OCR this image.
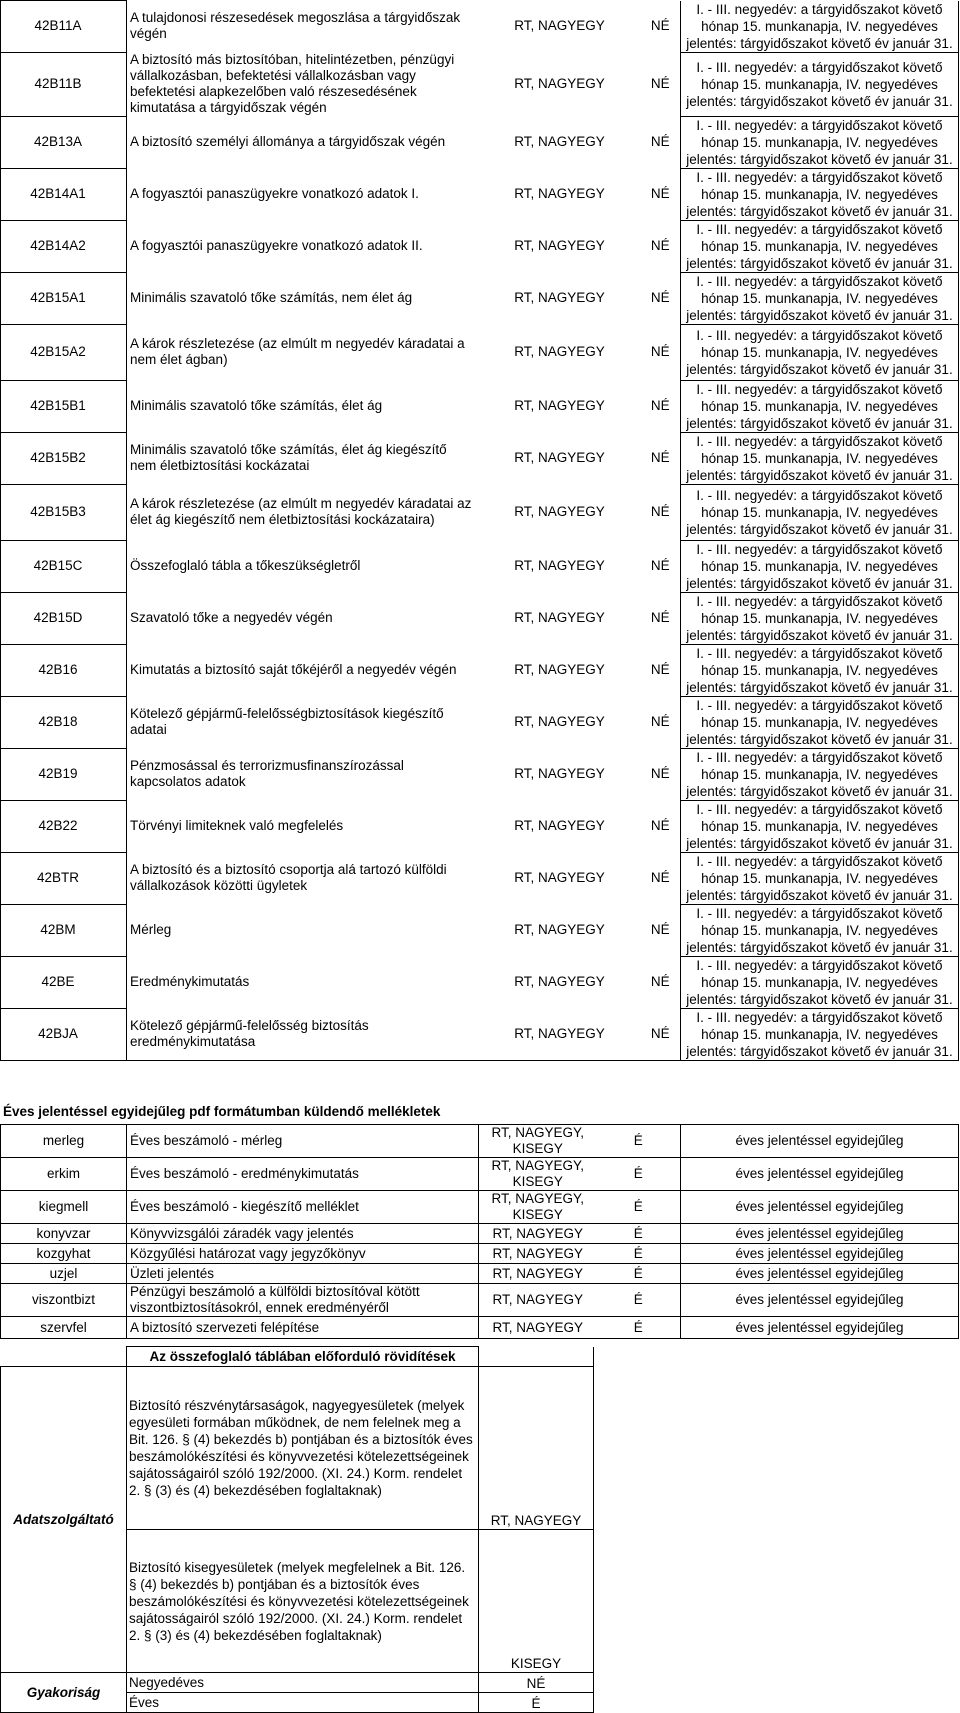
42B11A	A tulajdonosi részesedések megoszlása a tárgyidőszak végén	RT, NAGYEGY	NÉ	I. - III. negyedév: a tárgyidőszakot követő
hónap 15. munkanapja, IV. negyedéves
jelentés: tárgyidőszakot követő év január 31.

42B11B	A biztosító más biztosítóban, hitelintézetben, pénzügyi vállalkozásban, befektetési vállalkozásban vagy befektetési alapkezelőben való részesedésének kimutatása a tárgyidőszak végén	RT, NAGYEGY	NÉ	I. - III. negyedév: a tárgyidőszakot követő
hónap 15. munkanapja, IV. negyedéves
jelentés: tárgyidőszakot követő év január 31.

42B13A	A biztosító személyi állománya a tárgyidőszak végén	RT, NAGYEGY	NÉ	I. - III. negyedév: a tárgyidőszakot követő
hónap 15. munkanapja, IV. negyedéves
jelentés: tárgyidőszakot követő év január 31.

42B14A1	A fogyasztói panaszügyekre vonatkozó adatok I.	RT, NAGYEGY	NÉ	I. - III. negyedév: a tárgyidőszakot követő
hónap 15. munkanapja, IV. negyedéves
jelentés: tárgyidőszakot követő év január 31.

42B14A2	A fogyasztói panaszügyekre vonatkozó adatok II.	RT, NAGYEGY	NÉ	I. - III. negyedév: a tárgyidőszakot követő
hónap 15. munkanapja, IV. negyedéves
jelentés: tárgyidőszakot követő év január 31.

42B15A1	Minimális szavatoló tőke számítás, nem élet ág	RT, NAGYEGY	NÉ	I. - III. negyedév: a tárgyidőszakot követő
hónap 15. munkanapja, IV. negyedéves
jelentés: tárgyidőszakot követő év január 31.

42B15A2	A károk részletezése (az elmúlt m negyedév káradatai a nem élet ágban)	RT, NAGYEGY	NÉ	I. - III. negyedév: a tárgyidőszakot követő
hónap 15. munkanapja, IV. negyedéves
jelentés: tárgyidőszakot követő év január 31.

42B15B1	Minimális szavatoló tőke számítás, élet ág	RT, NAGYEGY	NÉ	I. - III. negyedév: a tárgyidőszakot követő
hónap 15. munkanapja, IV. negyedéves
jelentés: tárgyidőszakot követő év január 31.

42B15B2	Minimális szavatoló tőke számítás, élet ág kiegészítő nem életbiztosítási kockázatai	RT, NAGYEGY	NÉ	I. - III. negyedév: a tárgyidőszakot követő
hónap 15. munkanapja, IV. negyedéves
jelentés: tárgyidőszakot követő év január 31.

42B15B3	A károk részletezése (az elmúlt m negyedév káradatai az élet ág kiegészítő nem életbiztosítási kockázataira)	RT, NAGYEGY	NÉ	I. - III. negyedév: a tárgyidőszakot követő
hónap 15. munkanapja, IV. negyedéves
jelentés: tárgyidőszakot követő év január 31.

42B15C	Összefoglaló tábla a tőkeszükségletről	RT, NAGYEGY	NÉ	I. - III. negyedév: a tárgyidőszakot követő
hónap 15. munkanapja, IV. negyedéves
jelentés: tárgyidőszakot követő év január 31.

42B15D	Szavatoló tőke a negyedév végén	RT, NAGYEGY	NÉ	I. - III. negyedév: a tárgyidőszakot követő
hónap 15. munkanapja, IV. negyedéves
jelentés: tárgyidőszakot követő év január 31.

42B16	Kimutatás a biztosító saját tőkéjéről a negyedév végén	RT, NAGYEGY	NÉ	I. - III. negyedév: a tárgyidőszakot követő
hónap 15. munkanapja, IV. negyedéves
jelentés: tárgyidőszakot követő év január 31.

42B18	Kötelező gépjármű-felelősségbiztosítások kiegészítő adatai	RT, NAGYEGY	NÉ	I. - III. negyedév: a tárgyidőszakot követő
hónap 15. munkanapja, IV. negyedéves
jelentés: tárgyidőszakot követő év január 31.

42B19	Pénzmosással és terrorizmusfinanszírozással kapcsolatos adatok	RT, NAGYEGY	NÉ	I. - III. negyedév: a tárgyidőszakot követő
hónap 15. munkanapja, IV. negyedéves
jelentés: tárgyidőszakot követő év január 31.

42B22	Törvényi limiteknek való megfelelés	RT, NAGYEGY	NÉ	I. - III. negyedév: a tárgyidőszakot követő
hónap 15. munkanapja, IV. negyedéves
jelentés: tárgyidőszakot követő év január 31.

42BTR	A biztosító és a biztosító csoportja alá tartozó külföldi vállalkozások közötti ügyletek	RT, NAGYEGY	NÉ	I. - III. negyedév: a tárgyidőszakot követő
hónap 15. munkanapja, IV. negyedéves
jelentés: tárgyidőszakot követő év január 31.

42BM	Mérleg	RT, NAGYEGY	NÉ	I. - III. negyedév: a tárgyidőszakot követő
hónap 15. munkanapja, IV. negyedéves
jelentés: tárgyidőszakot követő év január 31.

42BE	Eredménykimutatás	RT, NAGYEGY	NÉ	I. - III. negyedév: a tárgyidőszakot követő
hónap 15. munkanapja, IV. negyedéves
jelentés: tárgyidőszakot követő év január 31.

42BJA	Kötelező gépjármű-felelősség biztosítás eredménykimutatása	RT, NAGYEGY	NÉ	I. - III. negyedév: a tárgyidőszakot követő
hónap 15. munkanapja, IV. negyedéves
jelentés: tárgyidőszakot követő év január 31.
Éves jelentéssel egyidejűleg pdf formátumban küldendő mellékletek
merleg	Éves beszámoló - mérleg	RT, NAGYEGY,
KISEGY	É	éves jelentéssel egyidejűleg
erkim	Éves beszámoló - eredménykimutatás	RT, NAGYEGY,
KISEGY	É	éves jelentéssel egyidejűleg
kiegmell	Éves beszámoló - kiegészítő melléklet	RT, NAGYEGY,
KISEGY	É	éves jelentéssel egyidejűleg
konyvzar	Könyvvizsgálói záradék vagy jelentés	RT, NAGYEGY	É	éves jelentéssel egyidejűleg
kozgyhat	Közgyűlési határozat vagy jegyzőkönyv	RT, NAGYEGY	É	éves jelentéssel egyidejűleg
uzjel	Üzleti jelentés	RT, NAGYEGY	É	éves jelentéssel egyidejűleg
viszontbizt	Pénzügyi beszámoló a külföldi biztosítóval kötött viszontbiztosításokról, ennek eredményéről	RT, NAGYEGY	É	éves jelentéssel egyidejűleg
szervfel	A biztosító szervezeti felépítése	RT, NAGYEGY	É	éves jelentéssel egyidejűleg
	Az összefoglaló táblában előforduló rövidítések	
Adatszolgáltató	Biztosító részvénytársaságok, nagyegyesületek (melyek egyesületi formában működnek, de nem felelnek meg a Bit. 126. § (4) bekezdés b) pontjában és a biztosítók éves beszámolókészítési és könyvvezetési kötelezettségeinek sajátosságairól szóló 192/2000. (XI. 24.) Korm. rendelet 2. § (3) és (4) bekezdésében foglaltaknak)	RT, NAGYEGY
	Biztosító kisegyesületek (melyek megfelelnek a Bit. 126. § (4) bekezdés b) pontjában és a biztosítók éves beszámolókészítési és könyvvezetési kötelezettségeinek sajátosságairól szóló 192/2000. (XI. 24.) Korm. rendelet 2. § (3) és (4) bekezdésében foglaltaknak)	KISEGY
Gyakoriság	Negyedéves	NÉ
	Éves	É
